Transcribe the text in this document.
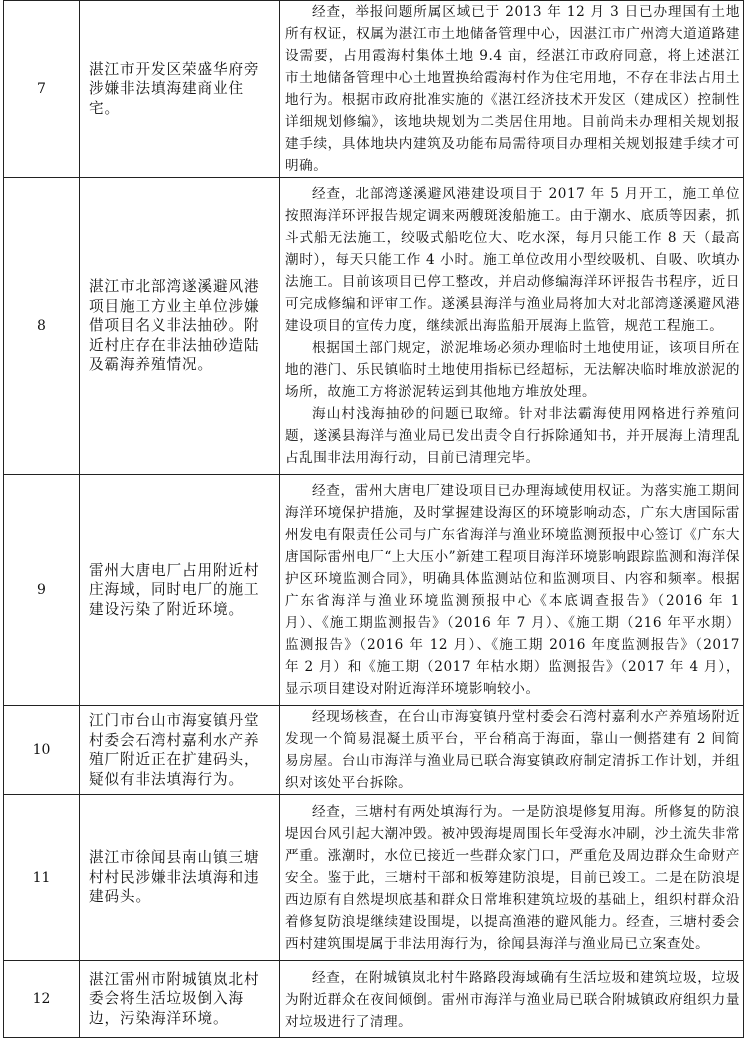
7	湛江市开发区荣盛华府旁涉嫌非法填海建商业住宅。	经查，举报问题所属区域已于 2013 年 12 月 3 日已办理国有土地所有权证，权属为湛江市土地储备管理中心，因湛江市广州湾大道道路建设需要，占用霞海村集体土地 9.4 亩，经湛江市政府同意，将上述湛江市土地储备管理中心土地置换给霞海村作为住宅用地，不存在非法占用土地行为。根据市政府批准实施的《湛江经济技术开发区（建成区）控制性详细规划修编》，该地块规划为二类居住用地。目前尚未办理相关规划报建手续，具体地块内建筑及功能布局需待项目办理相关规划报建手续才可明确。

8	湛江市北部湾遂溪避风港项目施工方业主单位涉嫌借项目名义非法抽砂。附近村庄存在非法抽砂造陆及霸海养殖情况。	经查，北部湾遂溪避风港建设项目于 2017 年 5 月开工，施工单位按照海洋环评报告规定调来两艘斑浚船施工。由于潮水、底质等因素，抓斗式船无法施工，绞吸式船吃位大、吃水深，每月只能工作 8 天（最高潮时），每天只能工作 4 小时。施工单位改用小型绞吸机、自吸、吹填办法施工。目前该项目已停工整改，并启动修编海洋环评报告书程序，近日可完成修编和评审工作。遂溪县海洋与渔业局将加大对北部湾遂溪避风港建设项目的宣传力度，继续派出海监船开展海上监管，规范工程施工。

根据国土部门规定，淤泥堆场必须办理临时土地使用证，该项目所在地的港门、乐民镇临时土地使用指标已经超标，无法解决临时堆放淤泥的场所，故施工方将淤泥转运到其他地方堆放处理。

海山村浅海抽砂的问题已取缔。针对非法霸海使用网格进行养殖问题，遂溪县海洋与渔业局已发出责令自行拆除通知书，并开展海上清理乱占乱围非法用海行动，目前已清理完毕。

9	雷州大唐电厂占用附近村庄海域，同时电厂的施工建设污染了附近环境。	经查，雷州大唐电厂建设项目已办理海域使用权证。为落实施工期间海洋环境保护措施，及时掌握建设海区的环境影响动态，广东大唐国际雷州发电有限责任公司与广东省海洋与渔业环境监测预报中心签订《广东大唐国际雷州电厂“上大压小”新建工程项目海洋环境影响跟踪监测和海洋保护区环境监测合同》，明确具体监测站位和监测项目、内容和频率。根据广东省海洋与渔业环境监测预报中心《本底调查报告》（2016 年 1 月）、《施工期监测报告》（2016 年 7 月）、《施工期（216 年平水期）监测报告》（2016 年 12 月）、《施工期 2016 年度监测报告》（2017 年 2 月）和《施工期（2017 年枯水期）监测报告》（2017 年 4 月），显示项目建设对附近海洋环境影响较小。

10	江门市台山市海宴镇丹堂村委会石湾村嘉利水产养殖厂附近正在扩建码头，疑似有非法填海行为。	经现场核查，在台山市海宴镇丹堂村委会石湾村嘉利水产养殖场附近发现一个简易混凝土质平台，平台稍高于海面，靠山一侧搭建有 2 间简易房屋。台山市海洋与渔业局已联合海宴镇政府制定清拆工作计划，并组织对该处平台拆除。

11	湛江市徐闻县南山镇三塘村村民涉嫌非法填海和违建码头。	经查，三塘村有两处填海行为。一是防浪堤修复用海。所修复的防浪堤因台风引起大潮冲毁。被冲毁海堤周围长年受海水冲刷，沙土流失非常严重。涨潮时，水位已接近一些群众家门口，严重危及周边群众生命财产安全。鉴于此，三塘村干部和板筹建防浪堤，目前已竣工。二是在防浪堤西边原有自然堤坝底基和群众日常堆积建筑垃圾的基础上，组织村群众沿着修复防浪堤继续建设围堤，以提高渔港的避风能力。经查，三塘村委会西村建筑围堤属于非法用海行为，徐闻县海洋与渔业局已立案查处。

12	湛江雷州市附城镇岚北村委会将生活垃圾倒入海边，污染海洋环境。	经查，在附城镇岚北村牛路路段海域确有生活垃圾和建筑垃圾，垃圾为附近群众在夜间倾倒。雷州市海洋与渔业局已联合附城镇政府组织力量对垃圾进行了清理。
